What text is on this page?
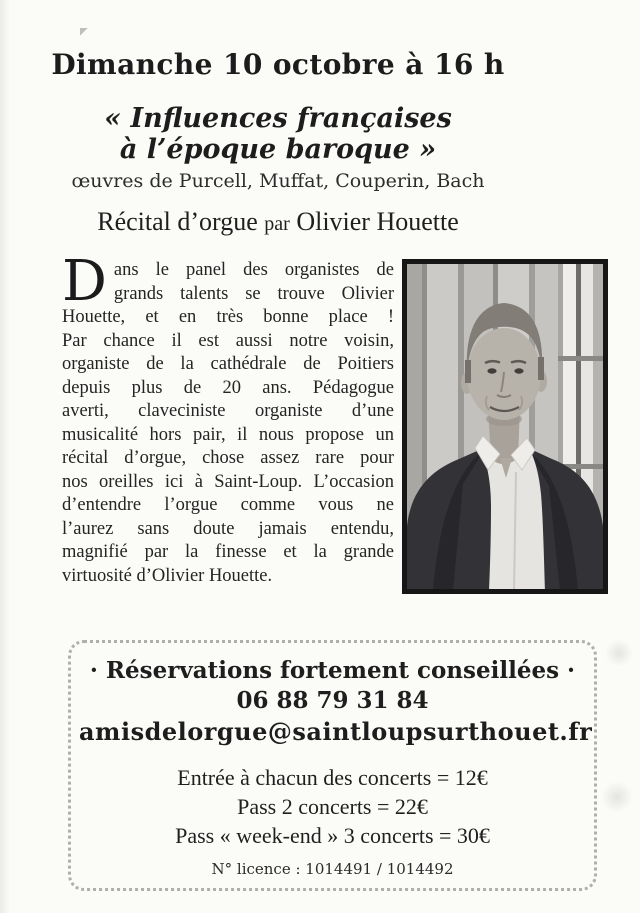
Dimanche 10 octobre à 16 h
« Influences françaises
à l’époque baroque »
œuvres de Purcell, Muffat, Couperin, Bach
Récital d’orgue par Olivier Houette

D ans le panel des organistes de
grands talents se trouve Olivier
Houette, et en très bonne place !
Par chance il est aussi notre voisin,
organiste de la cathédrale de Poitiers
depuis plus de 20 ans. Pédagogue
averti, claveciniste organiste d’une
musicalité hors pair, il nous propose un
récital d’orgue, chose assez rare pour
nos oreilles ici à Saint-Loup. L’occasion
d’entendre l’orgue comme vous ne
l’aurez sans doute jamais entendu,
magnifié par la finesse et la grande
virtuosité d’Olivier Houette.

· Réservations fortement conseillées ·
06 88 79 31 84
amisdelorgue@saintloupsurthouet.fr
Entrée à chacun des concerts = 12€
Pass 2 concerts = 22€
Pass « week-end » 3 concerts = 30€
N° licence : 1014491 / 1014492
